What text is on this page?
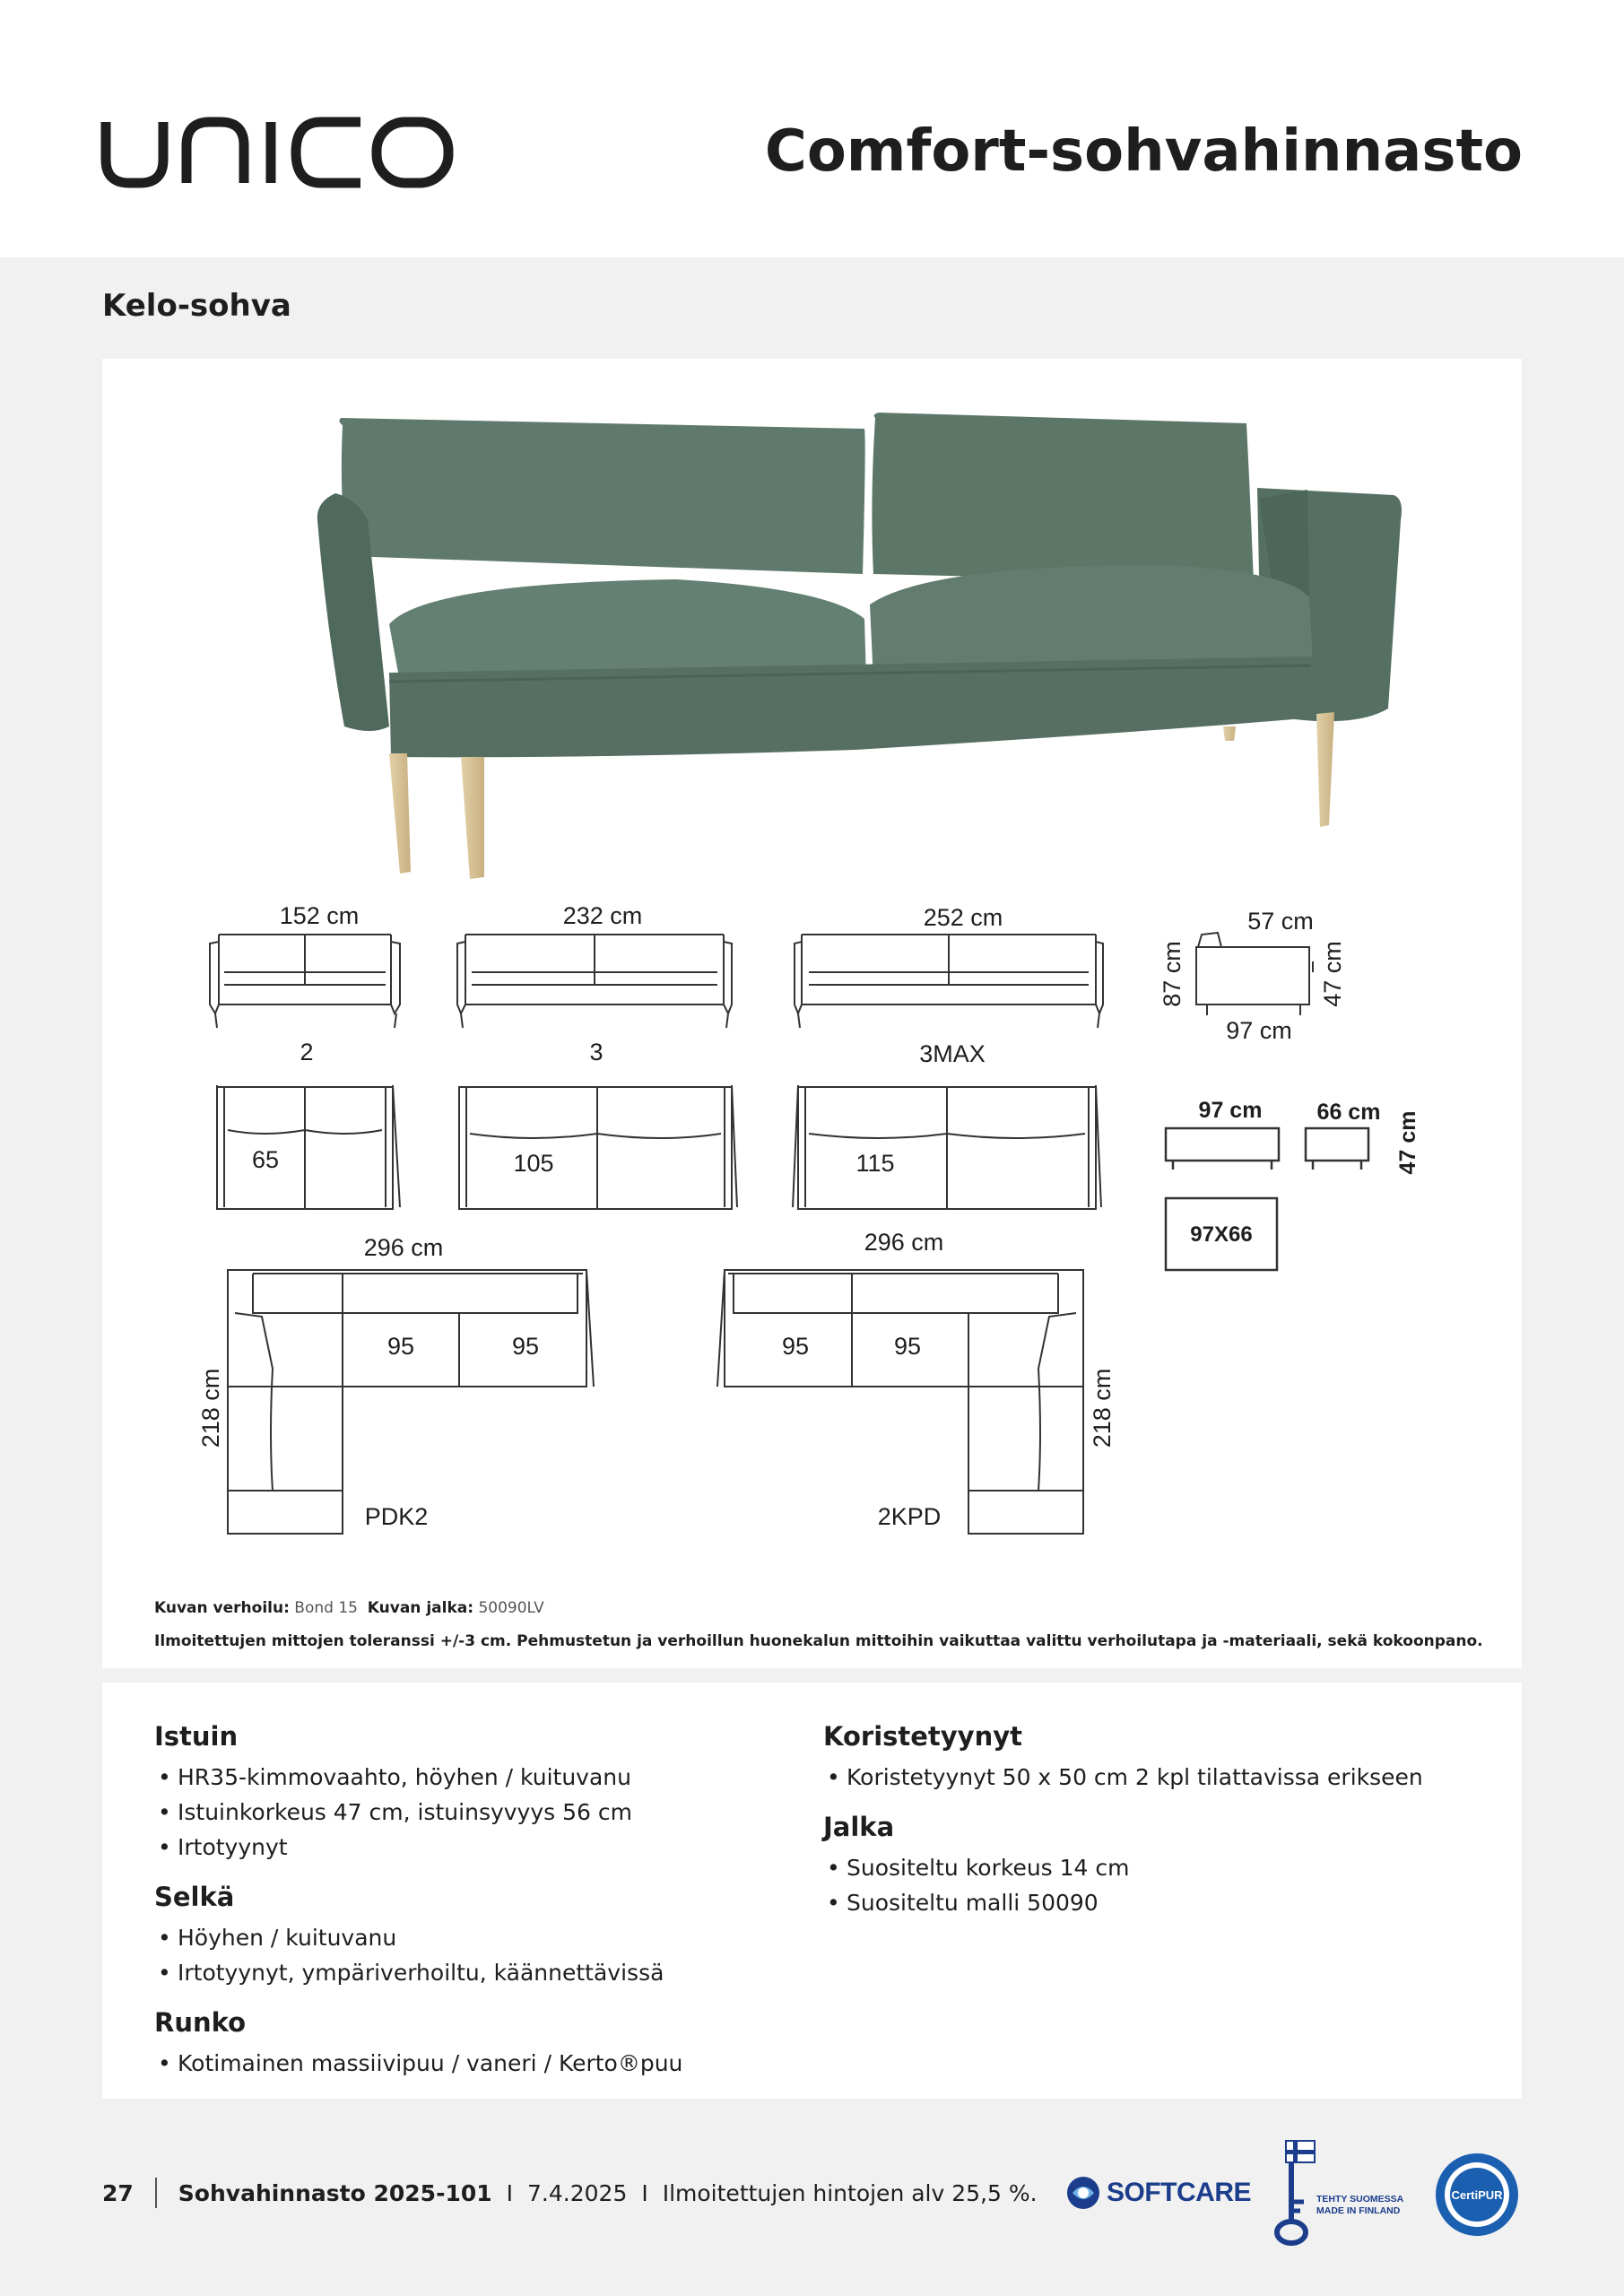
Comfort-sohvahinnasto
Kelo-sohva
152 cm
2
232 cm
3
252 cm
3MAX
57 cm
97 cm
87 cm	47 cm
65	105	115
296 cm
218 cm
95	95
PDK2
296 cm
218 cm
95	95
2KPD
97 cm 66 cm 47 cm
97X66
Kuvan verhoilu: Bond 15 Kuvan jalka: 50090LV
Ilmoitettujen mittojen toleranssi +/-3 cm. Pehmustetun ja verhoillun huonekalun mittoihin vaikuttaa valittu verhoilutapa ja -materiaali, sekä kokoonpano.
Istuin
• HR35-kimmovaahto, höyhen / kuituvanu
• Istuinkorkeus 47 cm, istuinsyvyys 56 cm
• Irtotyynyt
Selkä
• Höyhen / kuituvanu
• Irtotyynyt, ympäriverhoiltu, käännettävissä
Runko
• Kotimainen massiivipuu / vaneri / Kerto®puu
Koristetyynyt
• Koristetyynyt 50 x 50 cm 2 kpl tilattavissa erikseen
Jalka
• Suositeltu korkeus 14 cm
• Suositeltu malli 50090
27 Sohvahinnasto 2025-101 I 7.4.2025 I Ilmoitettujen hintojen alv 25,5 %.	SOFTCARE	TEHTY SUOMESSA
MADE IN FINLAND
CertiPUR
